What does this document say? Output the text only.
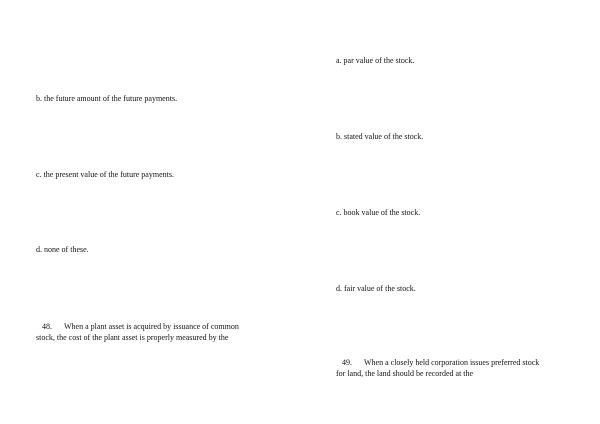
b. the future amount of the future payments.
c. the present value of the future payments.
d. none of these.
48. When a plant asset is acquired by issuance of common
stock, the cost of the plant asset is properly measured by the
a. par value of the stock.
b. stated value of the stock.
c. book value of the stock.
d. fair value of the stock.
49. When a closely held corporation issues preferred stock
for land, the land should be recorded at the
